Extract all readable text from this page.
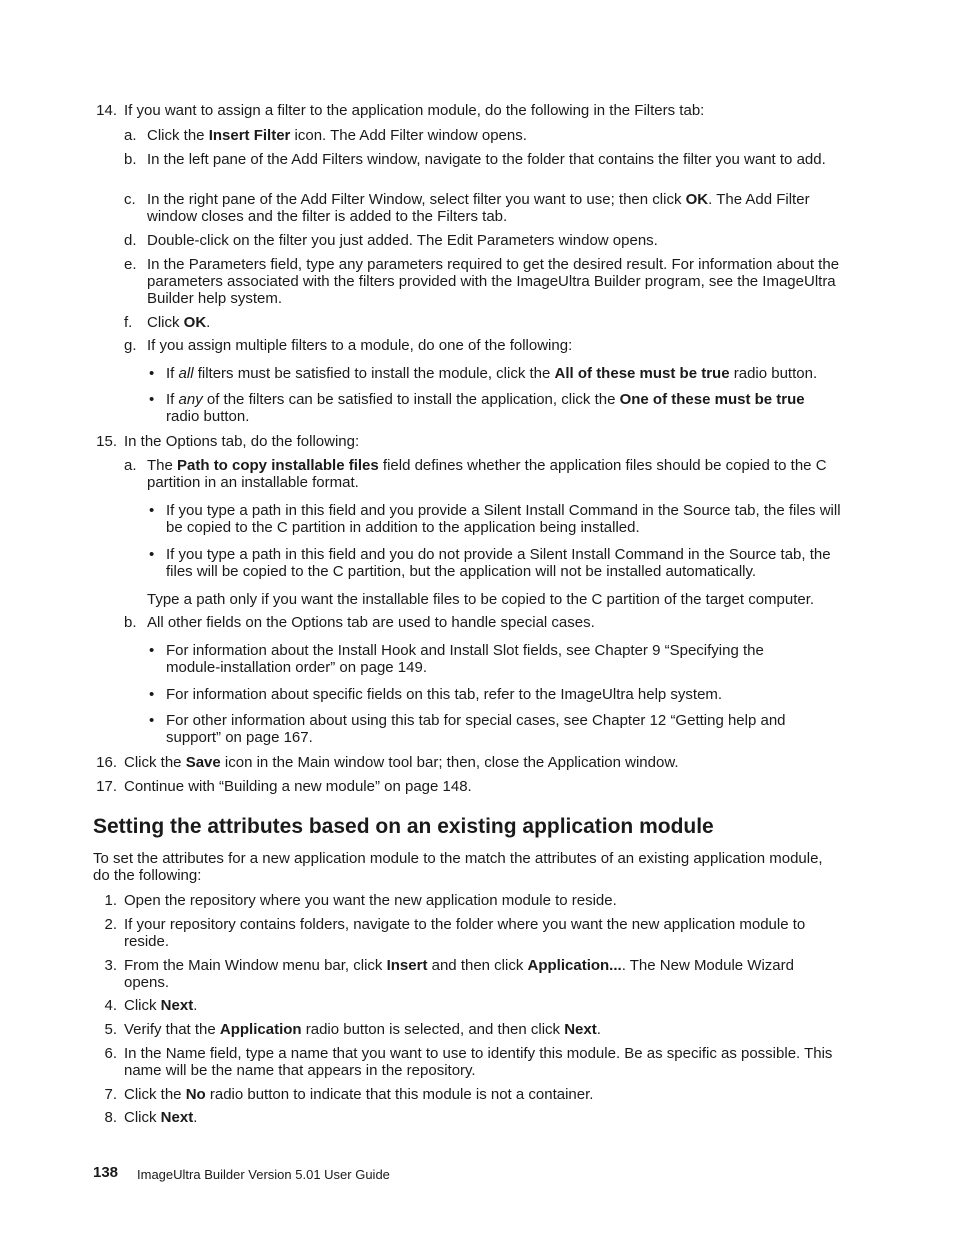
14. If you want to assign a filter to the application module, do the following in the Filters tab:
a. Click the Insert Filter icon. The Add Filter window opens.
b. In the left pane of the Add Filters window, navigate to the folder that contains the filter you want to add.
c. In the right pane of the Add Filter Window, select filter you want to use; then click OK. The Add Filter window closes and the filter is added to the Filters tab.
d. Double-click on the filter you just added. The Edit Parameters window opens.
e. In the Parameters field, type any parameters required to get the desired result. For information about the parameters associated with the filters provided with the ImageUltra Builder program, see the ImageUltra Builder help system.
f. Click OK.
g. If you assign multiple filters to a module, do one of the following:
• If all filters must be satisfied to install the module, click the All of these must be true radio button.
• If any of the filters can be satisfied to install the application, click the One of these must be true radio button.
15. In the Options tab, do the following:
a. The Path to copy installable files field defines whether the application files should be copied to the C partition in an installable format.
• If you type a path in this field and you provide a Silent Install Command in the Source tab, the files will be copied to the C partition in addition to the application being installed.
• If you type a path in this field and you do not provide a Silent Install Command in the Source tab, the files will be copied to the C partition, but the application will not be installed automatically.
Type a path only if you want the installable files to be copied to the C partition of the target computer.
b. All other fields on the Options tab are used to handle special cases.
• For information about the Install Hook and Install Slot fields, see Chapter 9 “Specifying the module-installation order” on page 149.
• For information about specific fields on this tab, refer to the ImageUltra help system.
• For other information about using this tab for special cases, see Chapter 12 “Getting help and support” on page 167.
16. Click the Save icon in the Main window tool bar; then, close the Application window.
17. Continue with “Building a new module” on page 148.
Setting the attributes based on an existing application module
To set the attributes for a new application module to the match the attributes of an existing application module, do the following:
1. Open the repository where you want the new application module to reside.
2. If your repository contains folders, navigate to the folder where you want the new application module to reside.
3. From the Main Window menu bar, click Insert and then click Application.... The New Module Wizard opens.
4. Click Next.
5. Verify that the Application radio button is selected, and then click Next.
6. In the Name field, type a name that you want to use to identify this module. Be as specific as possible. This name will be the name that appears in the repository.
7. Click the No radio button to indicate that this module is not a container.
8. Click Next.
138 ImageUltra Builder Version 5.01 User Guide
